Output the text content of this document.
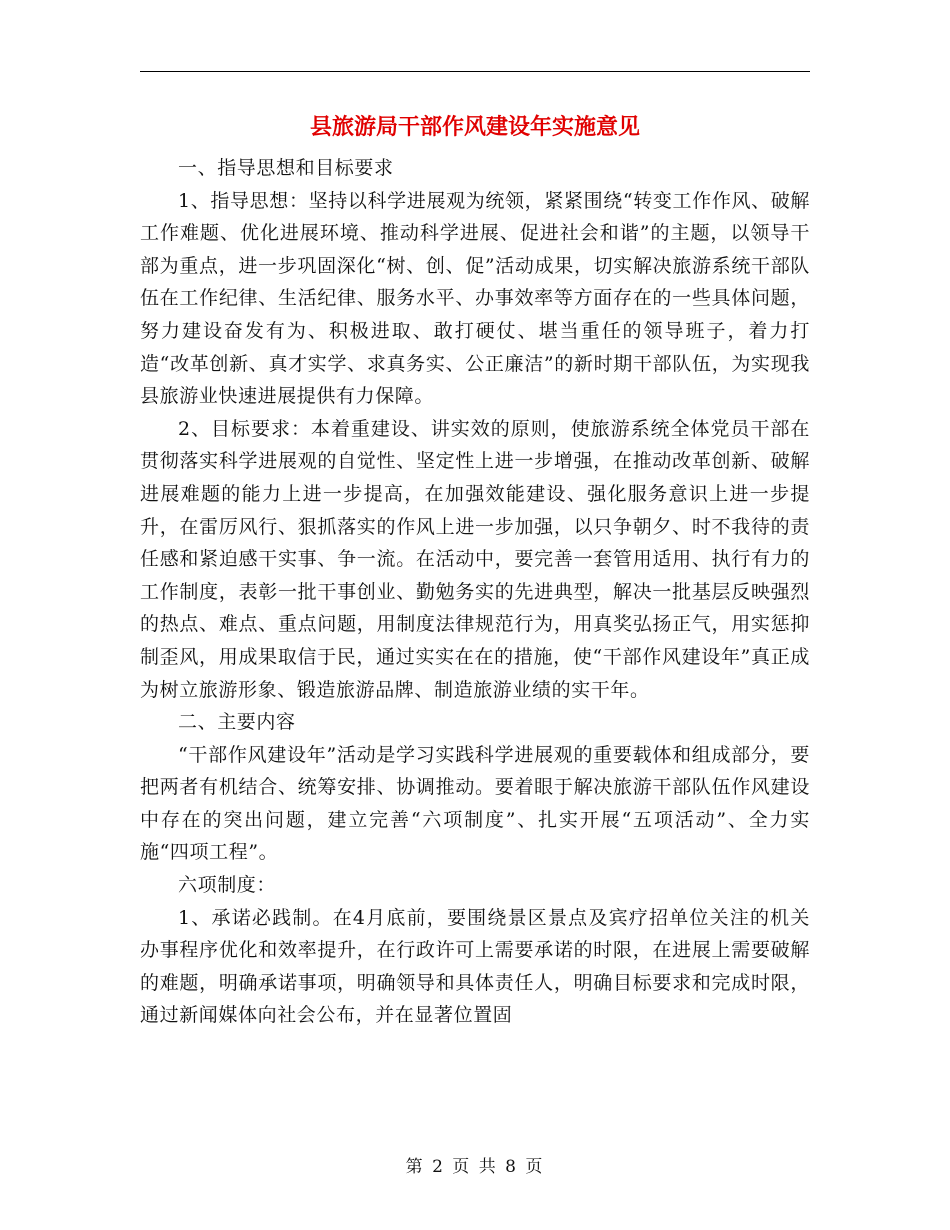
县旅游局干部作风建设年实施意见

一、指导思想和目标要求

1、指导思想：坚持以科学进展观为统领，紧紧围绕“转变工作作风、破解工作难题、优化进展环境、推动科学进展、促进社会和谐”的主题，以领导干部为重点，进一步巩固深化“树、创、促”活动成果，切实解决旅游系统干部队伍在工作纪律、生活纪律、服务水平、办事效率等方面存在的一些具体问题，努力建设奋发有为、积极进取、敢打硬仗、堪当重任的领导班子，着力打造“改革创新、真才实学、求真务实、公正廉洁”的新时期干部队伍，为实现我县旅游业快速进展提供有力保障。

2、目标要求：本着重建设、讲实效的原则，使旅游系统全体党员干部在贯彻落实科学进展观的自觉性、坚定性上进一步增强，在推动改革创新、破解进展难题的能力上进一步提高，在加强效能建设、强化服务意识上进一步提升，在雷厉风行、狠抓落实的作风上进一步加强，以只争朝夕、时不我待的责任感和紧迫感干实事、争一流。在活动中，要完善一套管用适用、执行有力的工作制度，表彰一批干事创业、勤勉务实的先进典型，解决一批基层反映强烈的热点、难点、重点问题，用制度法律规范行为，用真奖弘扬正气，用实惩抑制歪风，用成果取信于民，通过实实在在的措施，使“干部作风建设年”真正成为树立旅游形象、锻造旅游品牌、制造旅游业绩的实干年。

二、主要内容

“干部作风建设年”活动是学习实践科学进展观的重要载体和组成部分，要把两者有机结合、统筹安排、协调推动。要着眼于解决旅游干部队伍作风建设中存在的突出问题，建立完善“六项制度”、扎实开展“五项活动”、全力实施“四项工程”。

六项制度：

1、承诺必践制。在4月底前，要围绕景区景点及宾疗招单位关注的机关办事程序优化和效率提升，在行政许可上需要承诺的时限，在进展上需要破解的难题，明确承诺事项，明确领导和具体责任人，明确目标要求和完成时限，通过新闻媒体向社会公布，并在显著位置固

第 2 页 共 8 页
